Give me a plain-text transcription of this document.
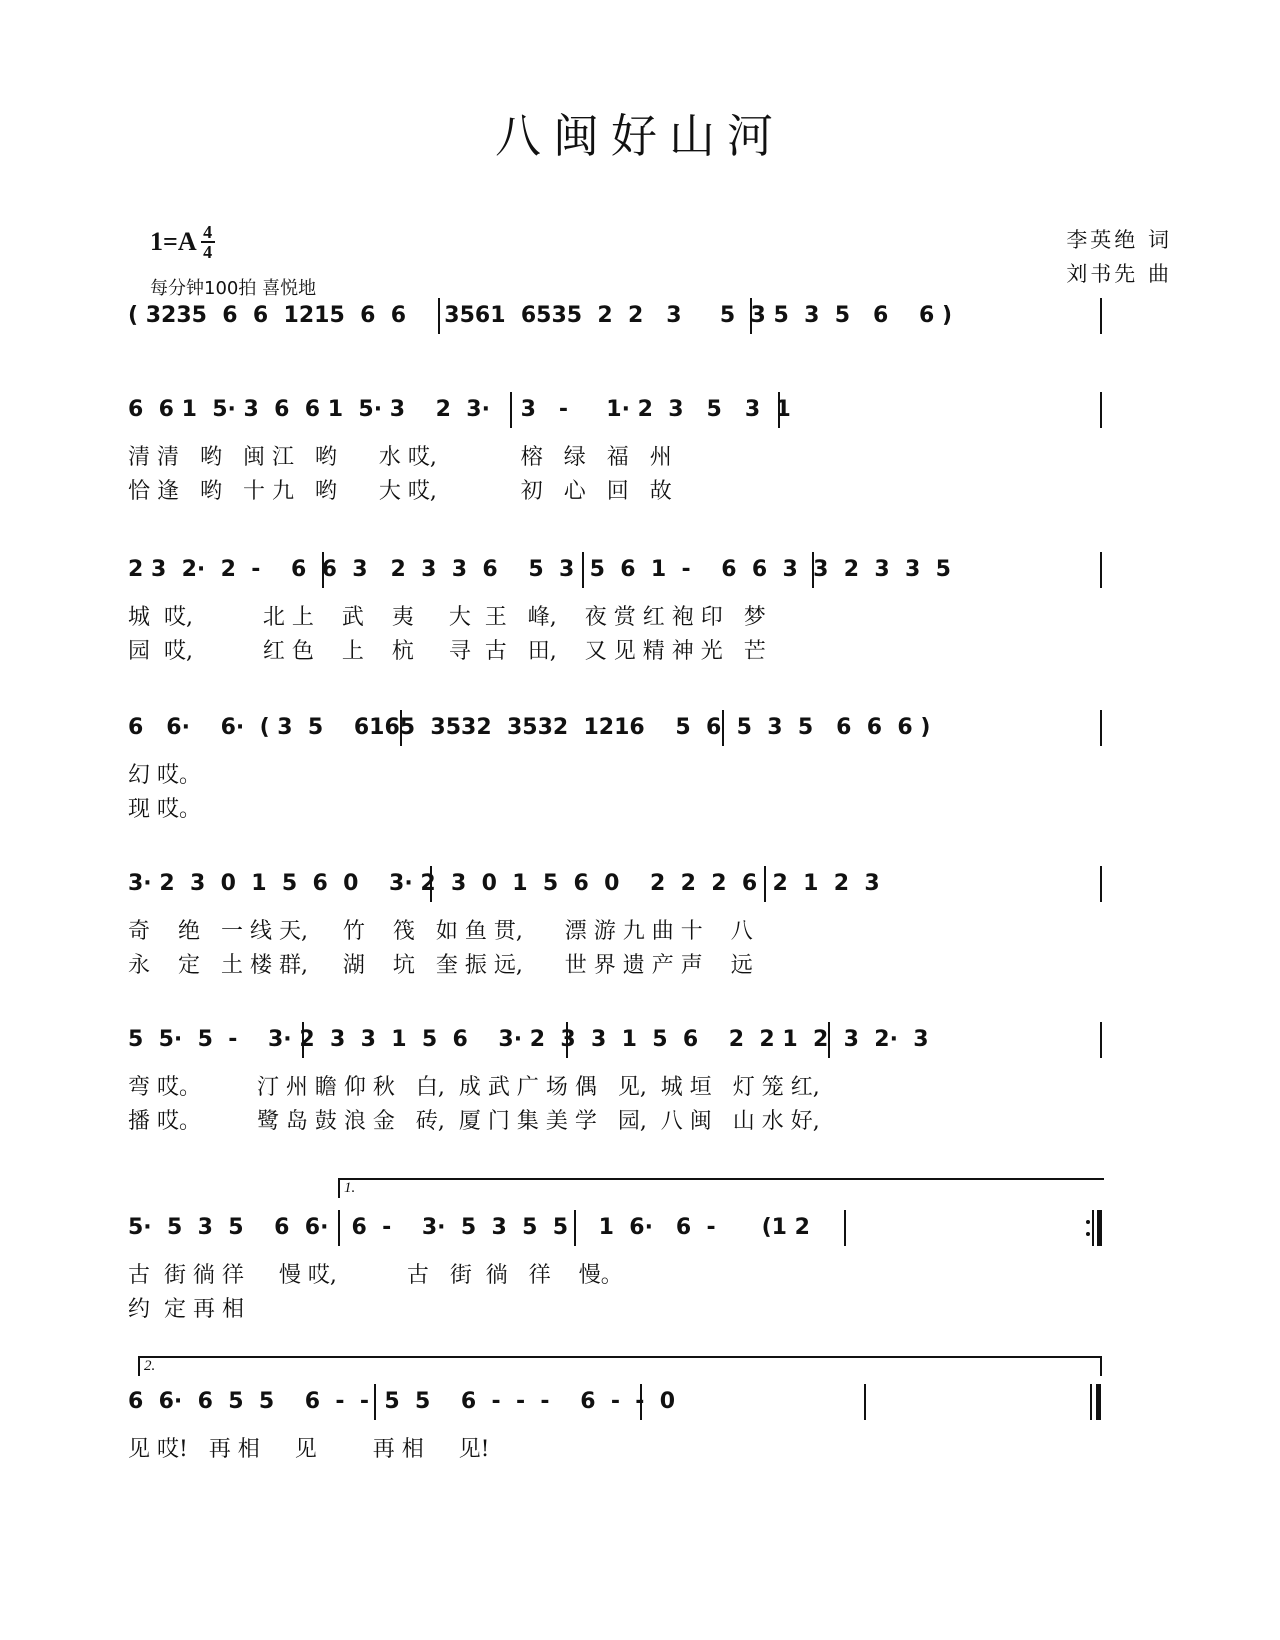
八闽好山河
$1=A \frac{4}{4}$
每分钟100拍 喜悦地
李英绝 词
刘书先 曲
( 3235  6  6  1215  6  6     3561  6535  2  2   3     5  3 5  3  5   6    6 )
6  6 1  5· 3  6  6 1  5· 3    2  3·    3   -     1· 2  3   5   3  1
清 清   哟   闽 江   哟      水 哎,            榕   绿   福   州
恰 逢   哟   十 九   哟      大 哎,            初   心   回   故
2 3  2·  2  -    6  6  3   2  3  3  6    5  3  5  6  1  -    6  6  3  3  2  3  3  5
城  哎,          北 上    武    夷     大  王   峰,    夜 赏 红 袍 印   梦
园  哎,          红 色    上    杭     寻  古   田,    又 见 精 神 光   芒
6   6·    6·  ( 3  5    6165  3532  3532  1216    5  6  5  3  5   6  6  6 )
幻 哎。
现 哎。
3· 2  3  0  1  5  6  0    3· 2  3  0  1  5  6  0    2  2  2  6  2  1  2  3
奇    绝   一 线 天,     竹    筏   如 鱼 贯,      漂 游 九 曲 十    八
永    定   土 楼 群,     湖    坑   奎 振 远,      世 界 遗 产 声    远
5  5·  5  -    3· 2  3  3  1  5  6    3· 2  3  3  1  5  6    2  2 1  2  3  2·  3
弯 哎。        汀 州 瞻 仰 秋   白,  成 武 广 场 偶   见,  城 垣   灯 笼 红,
播 哎。        鹭 岛 鼓 浪 金   砖,  厦 门 集 美 学   园,  八 闽   山 水 好,
1.
5·  5  3  5    6  6·   6  -    3·  5  3  5  5    1  6·   6  -      (1 2
古  街 徜 徉     慢 哎,          古   街  徜   徉    慢。
约  定 再 相
2.
6  6·  6  5  5    6  -  -  5  5    6  -  -  -    6  -  -  0
见 哎!   再 相     见        再 相     见!
